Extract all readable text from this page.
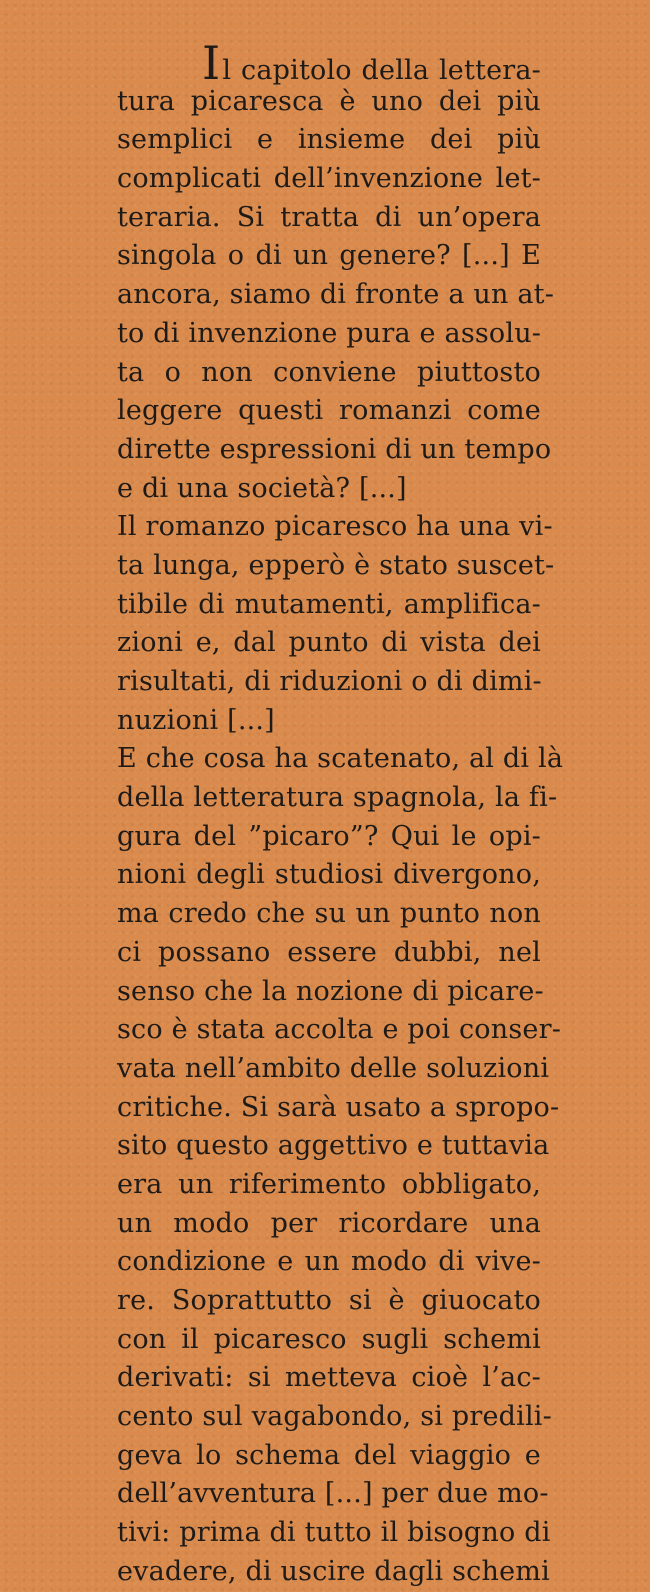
Il capitolo della lettera-
tura picaresca è uno dei più
semplici e insieme dei più
complicati dell’invenzione let-
teraria. Si tratta di un’opera
singola o di un genere? [...] E
ancora, siamo di fronte a un at-
to di invenzione pura e assolu-
ta o non conviene piuttosto
leggere questi romanzi come
dirette espressioni di un tempo
e di una società? [...]
Il romanzo picaresco ha una vi-
ta lunga, epperò è stato suscet-
tibile di mutamenti, amplifica-
zioni e, dal punto di vista dei
risultati, di riduzioni o di dimi-
nuzioni [...]
E che cosa ha scatenato, al di là
della letteratura spagnola, la fi-
gura del ”picaro”? Qui le opi-
nioni degli studiosi divergono,
ma credo che su un punto non
ci possano essere dubbi, nel
senso che la nozione di picare-
sco è stata accolta e poi conser-
vata nell’ambito delle soluzioni
critiche. Si sarà usato a spropo-
sito questo aggettivo e tuttavia
era un riferimento obbligato,
un modo per ricordare una
condizione e un modo di vive-
re. Soprattutto si è giuocato
con il picaresco sugli schemi
derivati: si metteva cioè l’ac-
cento sul vagabondo, si predili-
geva lo schema del viaggio e
dell’avventura [...] per due mo-
tivi: prima di tutto il bisogno di
evadere, di uscire dagli schemi
